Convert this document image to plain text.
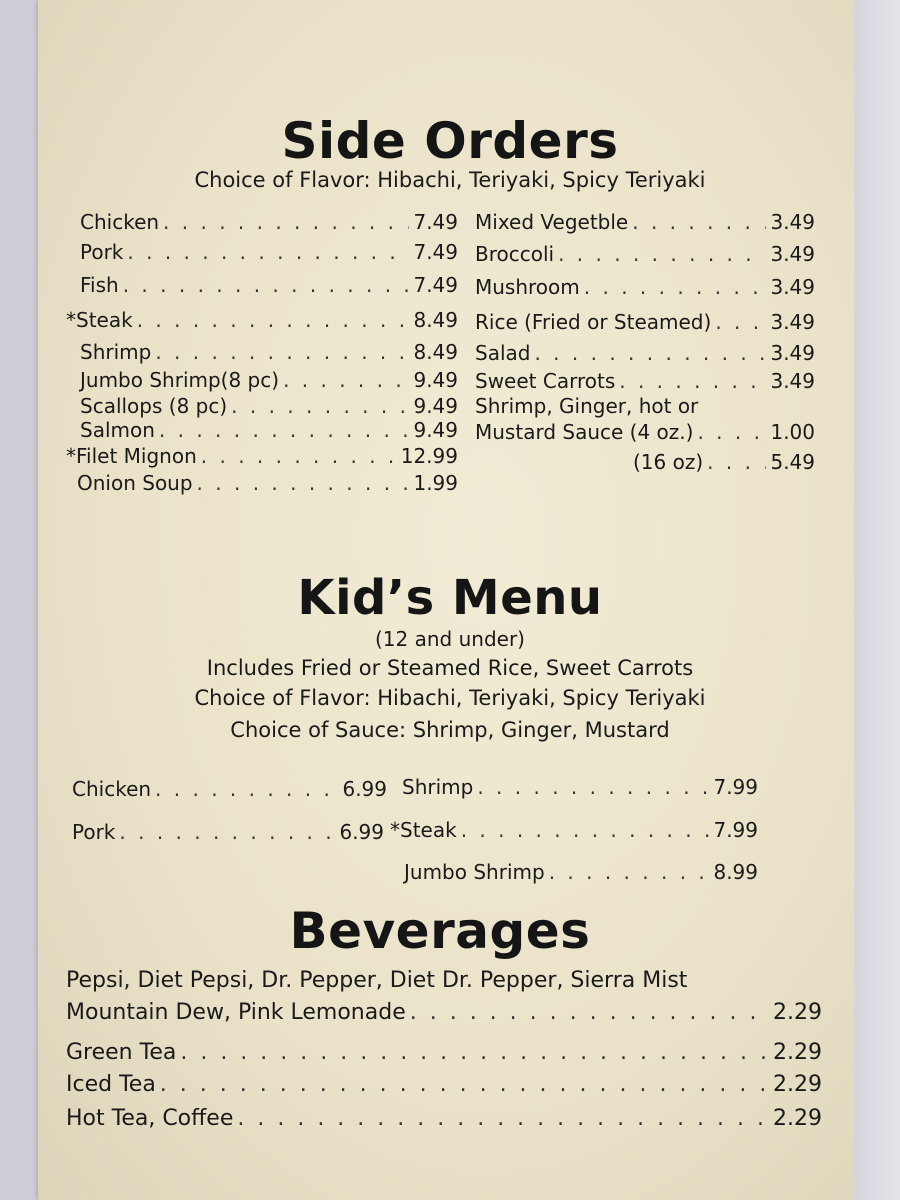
Side Orders
Choice of Flavor: Hibachi, Teriyaki, Spicy Teriyaki
Chicken . . .	7.49
Pork . . .	7.49
Fish . . .	7.49
*Steak . . .	8.49
Shrimp . . .	8.49
Jumbo Shrimp(8 pc) . . .	9.49
Scallops (8 pc) . . .	9.49
Salmon . . .	9.49
*Filet Mignon . . .	12.99
Onion Soup . . .	1.99
Mixed Vegetble . . .	3.49
Broccoli . . .	3.49
Mushroom . . .	3.49
Rice (Fried or Steamed) . . .	3.49
Salad . . .	3.49
Sweet Carrots . . .	3.49
Shrimp, Ginger, hot or
Mustard Sauce (4 oz.) . . .	1.00
(16 oz) . . .	5.49
Kid’s Menu
(12 and under)
Includes Fried or Steamed Rice, Sweet Carrots
Choice of Flavor: Hibachi, Teriyaki, Spicy Teriyaki
Choice of Sauce: Shrimp, Ginger, Mustard
Chicken . . .	6.99
Pork . . .	6.99
Shrimp . . .	7.99
*Steak . . .	7.99
Jumbo Shrimp . . .	8.99
Beverages
Pepsi, Diet Pepsi, Dr. Pepper, Diet Dr. Pepper, Sierra Mist
Mountain Dew, Pink Lemonade . . .	2.29
Green Tea . . .	2.29
Iced Tea . . .	2.29
Hot Tea, Coffee . . .	2.29
